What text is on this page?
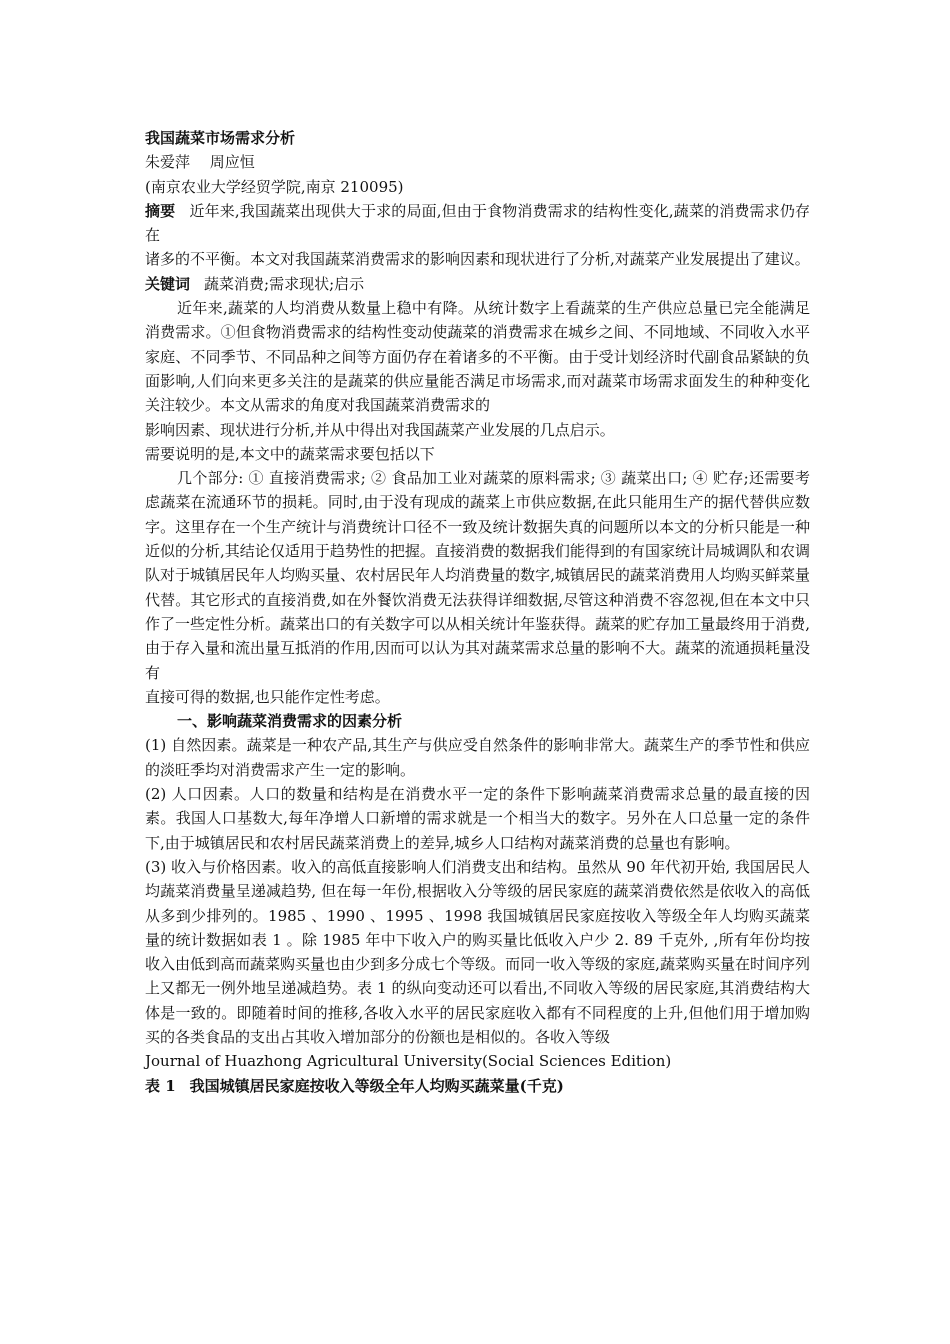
我国蔬菜市场需求分析
朱爱萍　 周应恒
(南京农业大学经贸学院,南京 210095)
摘要 近年来,我国蔬菜出现供大于求的局面,但由于食物消费需求的结构性变化,蔬菜的消费需求仍存在
诸多的不平衡。本文对我国蔬菜消费需求的影响因素和现状进行了分析,对蔬菜产业发展提出了建议。
关键词 蔬菜消费;需求现状;启示
近年来,蔬菜的人均消费从数量上稳中有降。从统计数字上看蔬菜的生产供应总量已完全能满足消费需求。①但食物消费需求的结构性变动使蔬菜的消费需求在城乡之间、不同地域、不同收入水平家庭、不同季节、不同品种之间等方面仍存在着诸多的不平衡。由于受计划经济时代副食品紧缺的负面影响,人们向来更多关注的是蔬菜的供应量能否满足市场需求,而对蔬菜市场需求面发生的种种变化关注较少。本文从需求的角度对我国蔬菜消费需求的
影响因素、现状进行分析,并从中得出对我国蔬菜产业发展的几点启示。
需要说明的是,本文中的蔬菜需求要包括以下
几个部分: ① 直接消费需求; ② 食品加工业对蔬菜的原料需求; ③ 蔬菜出口; ④ 贮存;还需要考虑蔬菜在流通环节的损耗。同时,由于没有现成的蔬菜上市供应数据,在此只能用生产的据代替供应数字。这里存在一个生产统计与消费统计口径不一致及统计数据失真的问题所以本文的分析只能是一种近似的分析,其结论仅适用于趋势性的把握。直接消费的数据我们能得到的有国家统计局城调队和农调队对于城镇居民年人均购买量、农村居民年人均消费量的数字,城镇居民的蔬菜消费用人均购买鲜菜量代替。其它形式的直接消费,如在外餐饮消费无法获得详细数据,尽管这种消费不容忽视,但在本文中只作了一些定性分析。蔬菜出口的有关数字可以从相关统计年鉴获得。蔬菜的贮存加工量最终用于消费,由于存入量和流出量互抵消的作用,因而可以认为其对蔬菜需求总量的影响不大。蔬菜的流通损耗量没有
直接可得的数据,也只能作定性考虑。
一、影响蔬菜消费需求的因素分析
(1) 自然因素。蔬菜是一种农产品,其生产与供应受自然条件的影响非常大。蔬菜生产的季节性和供应的淡旺季均对消费需求产生一定的影响。
(2) 人口因素。人口的数量和结构是在消费水平一定的条件下影响蔬菜消费需求总量的最直接的因素。我国人口基数大,每年净增人口新增的需求就是一个相当大的数字。另外在人口总量一定的条件下,由于城镇居民和农村居民蔬菜消费上的差异,城乡人口结构对蔬菜消费的总量也有影响。
(3) 收入与价格因素。收入的高低直接影响人们消费支出和结构。虽然从 90 年代初开始, 我国居民人均蔬菜消费量呈递减趋势, 但在每一年份,根据收入分等级的居民家庭的蔬菜消费依然是依收入的高低从多到少排列的。1985 、1990 、1995 、1998 我国城镇居民家庭按收入等级全年人均购买蔬菜量的统计数据如表 1 。除 1985 年中下收入户的购买量比低收入户少 2. 89 千克外, ,所有年份均按收入由低到高而蔬菜购买量也由少到多分成七个等级。而同一收入等级的家庭,蔬菜购买量在时间序列上又都无一例外地呈递减趋势。表 1 的纵向变动还可以看出,不同收入等级的居民家庭,其消费结构大体是一致的。即随着时间的推移,各收入水平的居民家庭收入都有不同程度的上升,但他们用于增加购买的各类食品的支出占其收入增加部分的份额也是相似的。各收入等级
Journal of Huazhong Agricultural University(Social Sciences Edition)
表 1 我国城镇居民家庭按收入等级全年人均购买蔬菜量(千克)
